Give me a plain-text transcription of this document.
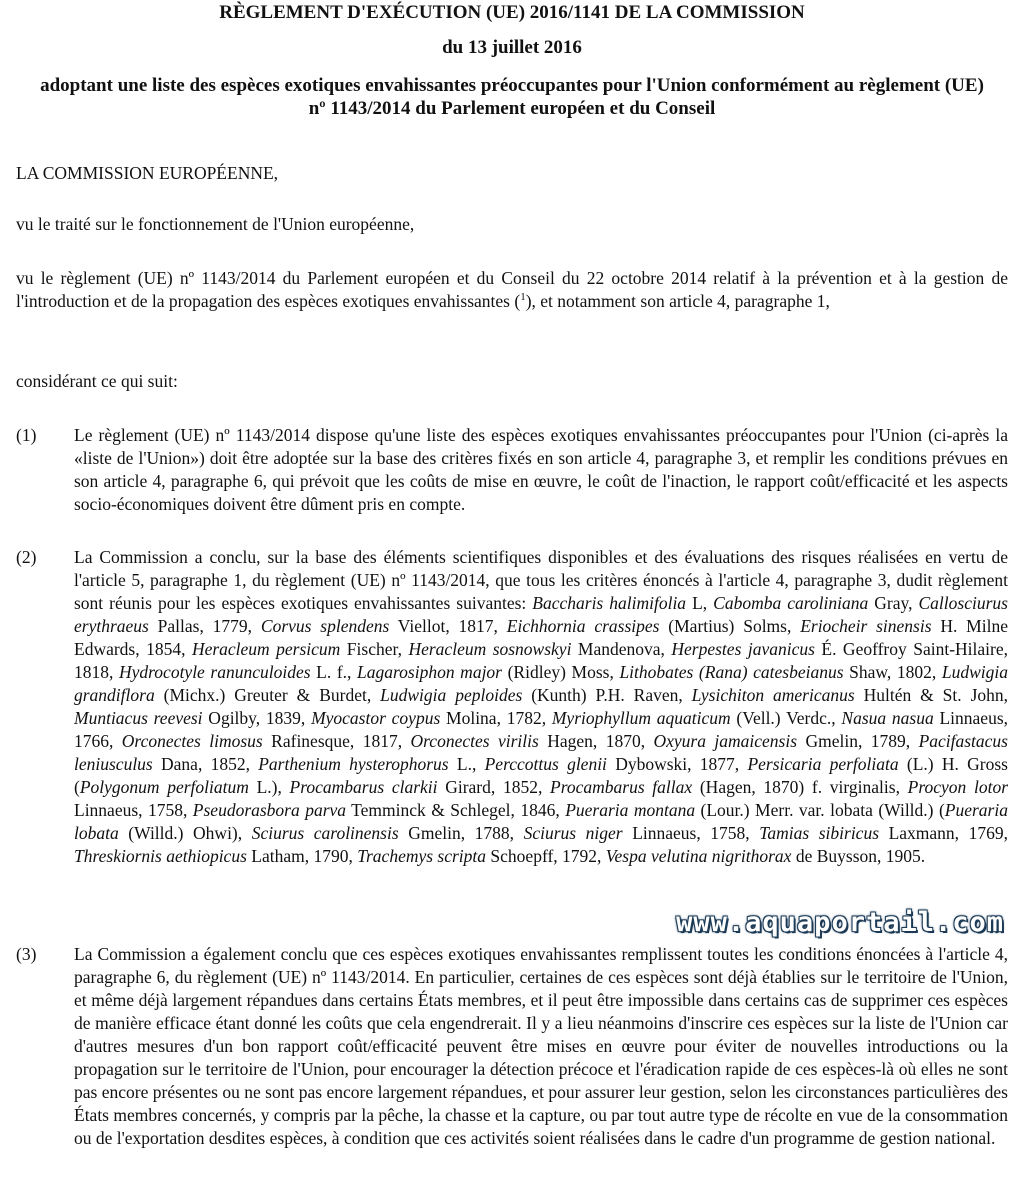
RÈGLEMENT D'EXÉCUTION (UE) 2016/1141 DE LA COMMISSION
du 13 juillet 2016
adoptant une liste des espèces exotiques envahissantes préoccupantes pour l'Union conformément au règlement (UE) nº 1143/2014 du Parlement européen et du Conseil
LA COMMISSION EUROPÉENNE,
vu le traité sur le fonctionnement de l'Union européenne,
vu le règlement (UE) nº 1143/2014 du Parlement européen et du Conseil du 22 octobre 2014 relatif à la prévention et à la gestion de l'introduction et de la propagation des espèces exotiques envahissantes ($^1$), et notamment son article 4, paragraphe 1,
considérant ce qui suit:
(1)	Le règlement (UE) nº 1143/2014 dispose qu'une liste des espèces exotiques envahissantes préoccupantes pour l'Union (ci-après la «liste de l'Union») doit être adoptée sur la base des critères fixés en son article 4, paragraphe 3, et remplir les conditions prévues en son article 4, paragraphe 6, qui prévoit que les coûts de mise en œuvre, le coût de l'inaction, le rapport coût/efficacité et les aspects socio-économiques doivent être dûment pris en compte.
(2)	La Commission a conclu, sur la base des éléments scientifiques disponibles et des évaluations des risques réalisées en vertu de l'article 5, paragraphe 1, du règlement (UE) nº 1143/2014, que tous les critères énoncés à l'article 4, paragraphe 3, dudit règlement sont réunis pour les espèces exotiques envahissantes suivantes: Baccharis halimifolia L, Cabomba caroliniana Gray, Callosciurus erythraeus Pallas, 1779, Corvus splendens Viellot, 1817, Eichhornia crassipes (Martius) Solms, Eriocheir sinensis H. Milne Edwards, 1854, Heracleum persicum Fischer, Heracleum sosnowskyi Mandenova, Herpestes javanicus É. Geoffroy Saint-Hilaire, 1818, Hydrocotyle ranunculoides L. f., Lagarosiphon major (Ridley) Moss, Lithobates (Rana) catesbeianus Shaw, 1802, Ludwigia grandiflora (Michx.) Greuter & Burdet, Ludwigia peploides (Kunth) P.H. Raven, Lysichiton americanus Hultén & St. John, Muntiacus reevesi Ogilby, 1839, Myocastor coypus Molina, 1782, Myriophyllum aquaticum (Vell.) Verdc., Nasua nasua Linnaeus, 1766, Orconectes limosus Rafinesque, 1817, Orconectes virilis Hagen, 1870, Oxyura jamaicensis Gmelin, 1789, Pacifastacus leniusculus Dana, 1852, Parthenium hysterophorus L., Perccottus glenii Dybowski, 1877, Persicaria perfoliata (L.) H. Gross (Polygonum perfoliatum L.), Procambarus clarkii Girard, 1852, Procambarus fallax (Hagen, 1870) f. virginalis, Procyon lotor Linnaeus, 1758, Pseudorasbora parva Temminck & Schlegel, 1846, Pueraria montana (Lour.) Merr. var. lobata (Willd.) (Pueraria lobata (Willd.) Ohwi), Sciurus carolinensis Gmelin, 1788, Sciurus niger Linnaeus, 1758, Tamias sibiricus Laxmann, 1769, Threskiornis aethiopicus Latham, 1790, Trachemys scripta Schoepff, 1792, Vespa velutina nigrithorax de Buysson, 1905.
www.aquaportail.com
(3)	La Commission a également conclu que ces espèces exotiques envahissantes remplissent toutes les conditions énoncées à l'article 4, paragraphe 6, du règlement (UE) nº 1143/2014. En particulier, certaines de ces espèces sont déjà établies sur le territoire de l'Union, et même déjà largement répandues dans certains États membres, et il peut être impossible dans certains cas de supprimer ces espèces de manière efficace étant donné les coûts que cela engendrerait. Il y a lieu néanmoins d'inscrire ces espèces sur la liste de l'Union car d'autres mesures d'un bon rapport coût/efficacité peuvent être mises en œuvre pour éviter de nouvelles introductions ou la propagation sur le territoire de l'Union, pour encourager la détection précoce et l'éradication rapide de ces espèces-là où elles ne sont pas encore présentes ou ne sont pas encore largement répandues, et pour assurer leur gestion, selon les circonstances particulières des États membres concernés, y compris par la pêche, la chasse et la capture, ou par tout autre type de récolte en vue de la consommation ou de l'exportation desdites espèces, à condition que ces activités soient réalisées dans le cadre d'un programme de gestion national.
